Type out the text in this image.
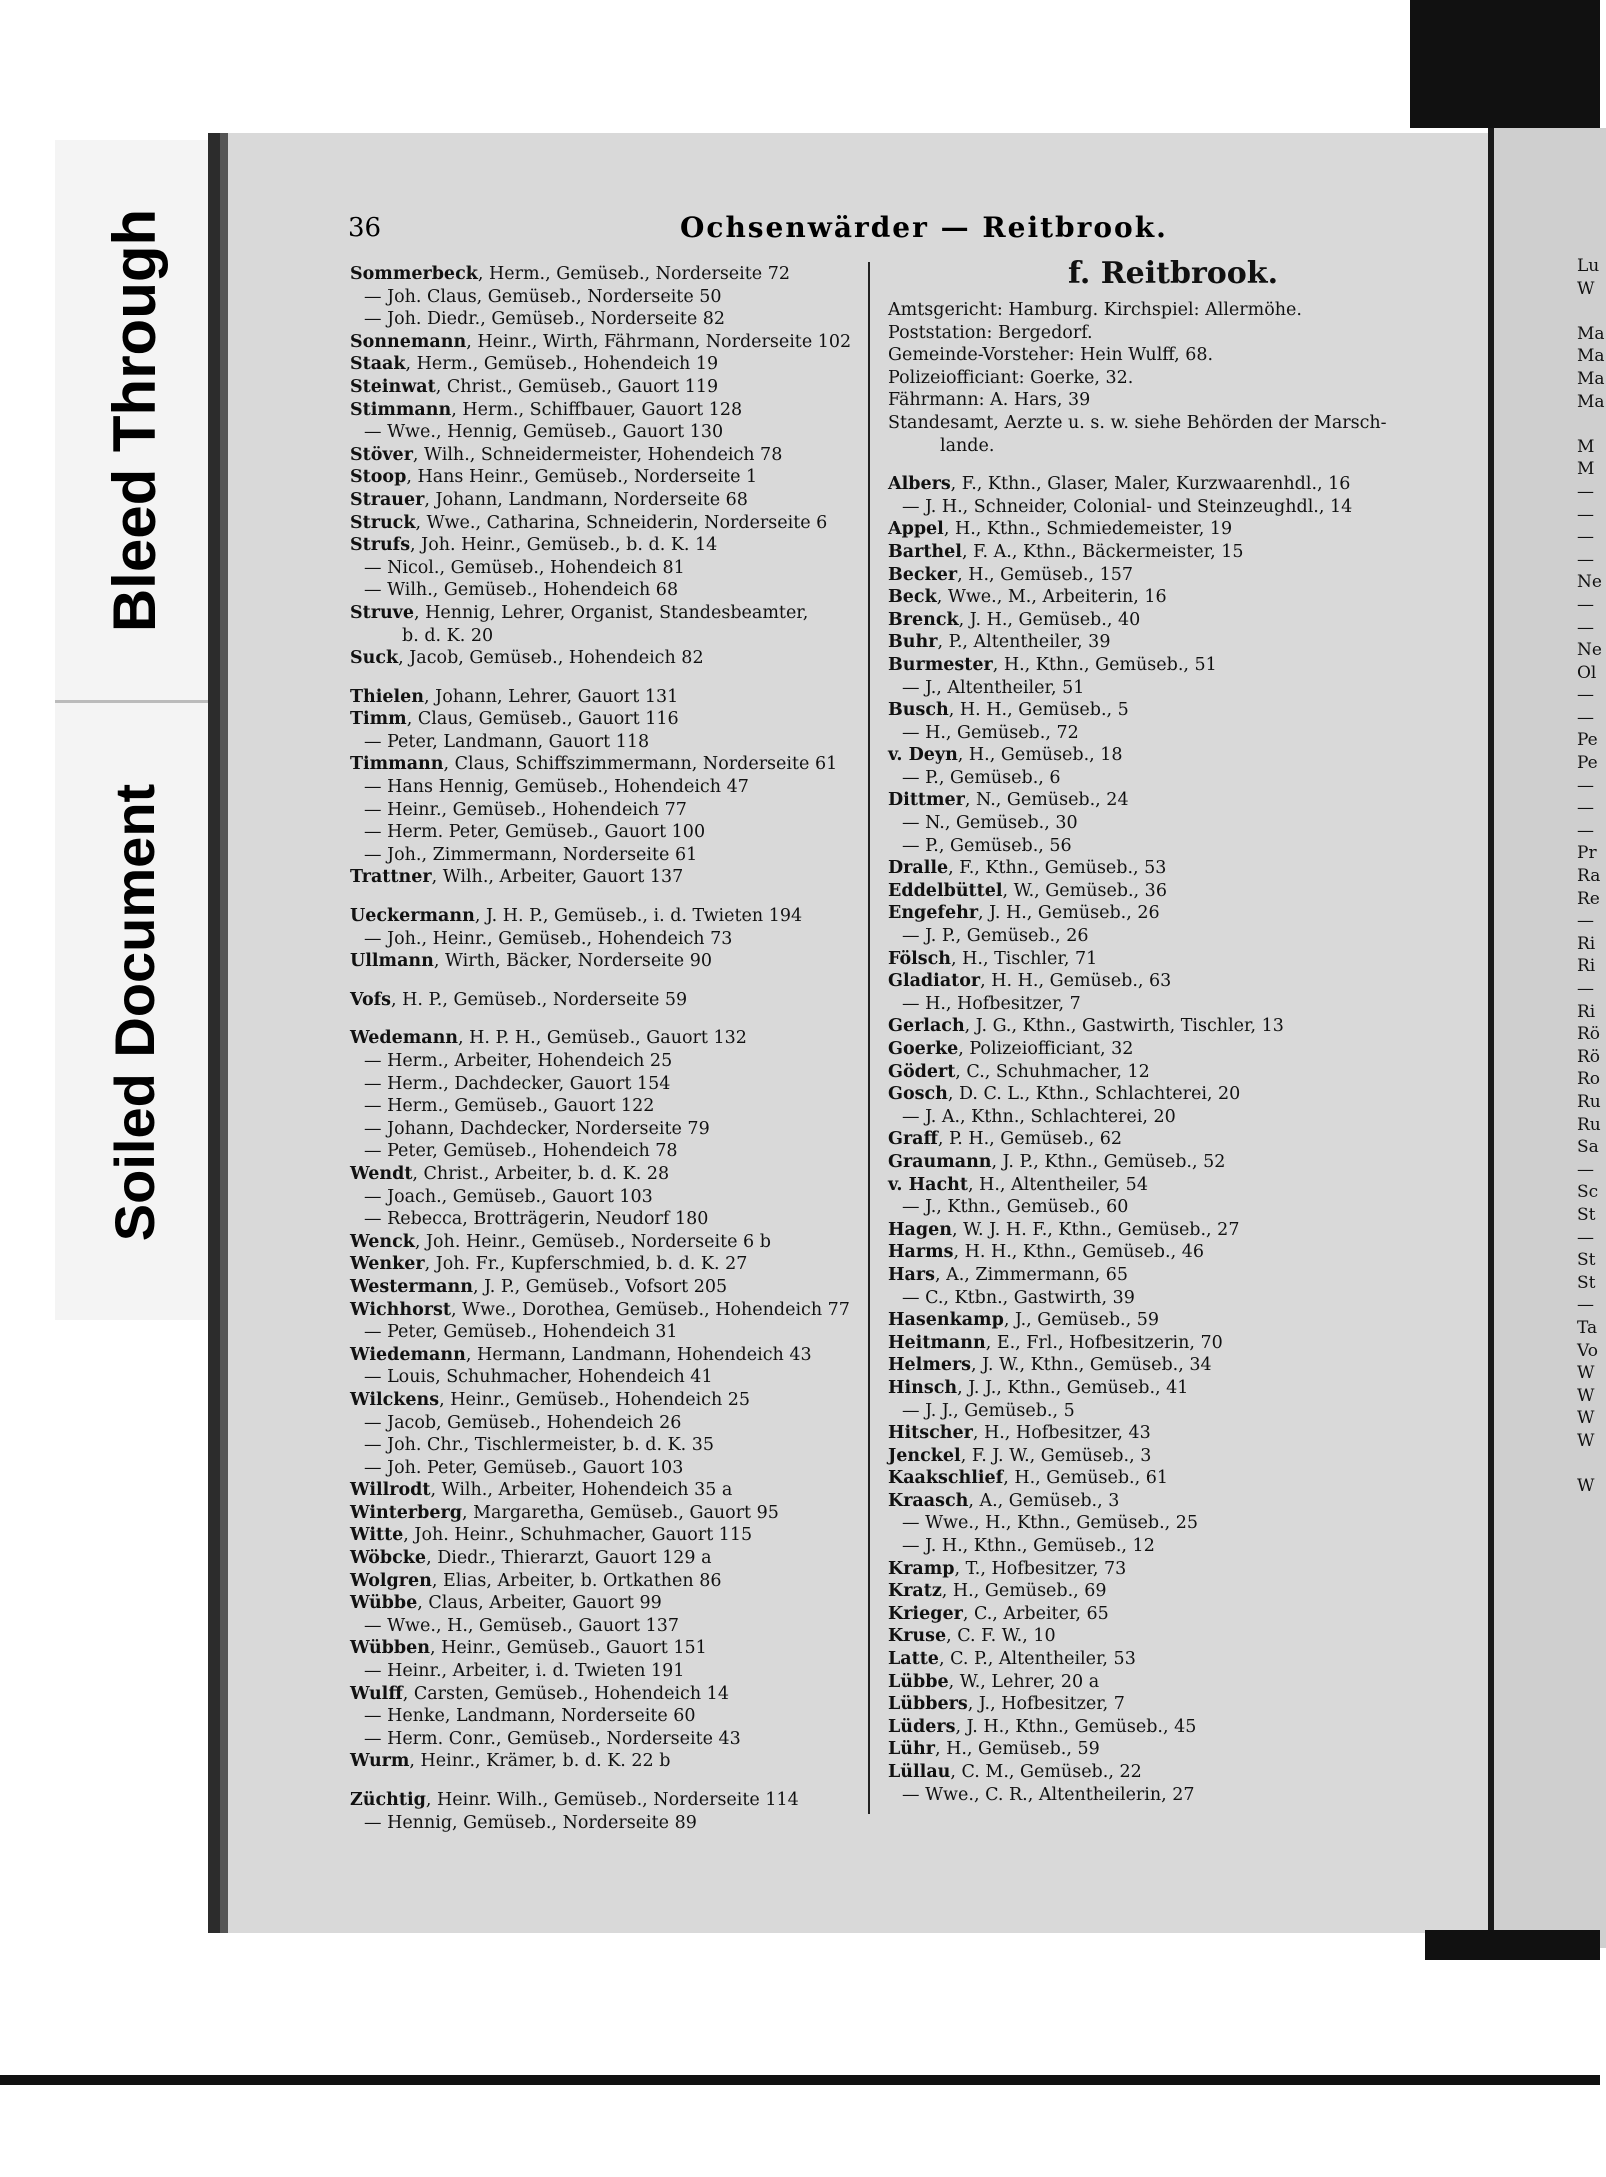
Bleed Through
Soiled Document
36	Ochsenwärder — Reitbrook.
Sommerbeck, Herm., Gemüseb., Norderseite 72
— Joh. Claus, Gemüseb., Norderseite 50
— Joh. Diedr., Gemüseb., Norderseite 82
Sonnemann, Heinr., Wirth, Fährmann, Norderseite 102
Staak, Herm., Gemüseb., Hohendeich 19
Steinwat, Christ., Gemüseb., Gauort 119
Stimmann, Herm., Schiffbauer, Gauort 128
— Wwe., Hennig, Gemüseb., Gauort 130
Stöver, Wilh., Schneidermeister, Hohendeich 78
Stoop, Hans Heinr., Gemüseb., Norderseite 1
Strauer, Johann, Landmann, Norderseite 68
Struck, Wwe., Catharina, Schneiderin, Norderseite 6
Strufs, Joh. Heinr., Gemüseb., b. d. K. 14
— Nicol., Gemüseb., Hohendeich 81
— Wilh., Gemüseb., Hohendeich 68
Struve, Hennig, Lehrer, Organist, Standesbeamter,
b. d. K. 20
Suck, Jacob, Gemüseb., Hohendeich 82
Thielen, Johann, Lehrer, Gauort 131
Timm, Claus, Gemüseb., Gauort 116
— Peter, Landmann, Gauort 118
Timmann, Claus, Schiffszimmermann, Norderseite 61
— Hans Hennig, Gemüseb., Hohendeich 47
— Heinr., Gemüseb., Hohendeich 77
— Herm. Peter, Gemüseb., Gauort 100
— Joh., Zimmermann, Norderseite 61
Trattner, Wilh., Arbeiter, Gauort 137
Ueckermann, J. H. P., Gemüseb., i. d. Twieten 194
— Joh., Heinr., Gemüseb., Hohendeich 73
Ullmann, Wirth, Bäcker, Norderseite 90
Vofs, H. P., Gemüseb., Norderseite 59
Wedemann, H. P. H., Gemüseb., Gauort 132
— Herm., Arbeiter, Hohendeich 25
— Herm., Dachdecker, Gauort 154
— Herm., Gemüseb., Gauort 122
— Johann, Dachdecker, Norderseite 79
— Peter, Gemüseb., Hohendeich 78
Wendt, Christ., Arbeiter, b. d. K. 28
— Joach., Gemüseb., Gauort 103
— Rebecca, Brotträgerin, Neudorf 180
Wenck, Joh. Heinr., Gemüseb., Norderseite 6 b
Wenker, Joh. Fr., Kupferschmied, b. d. K. 27
Westermann, J. P., Gemüseb., Vofsort 205
Wichhorst, Wwe., Dorothea, Gemüseb., Hohendeich 77
— Peter, Gemüseb., Hohendeich 31
Wiedemann, Hermann, Landmann, Hohendeich 43
— Louis, Schuhmacher, Hohendeich 41
Wilckens, Heinr., Gemüseb., Hohendeich 25
— Jacob, Gemüseb., Hohendeich 26
— Joh. Chr., Tischlermeister, b. d. K. 35
— Joh. Peter, Gemüseb., Gauort 103
Willrodt, Wilh., Arbeiter, Hohendeich 35 a
Winterberg, Margaretha, Gemüseb., Gauort 95
Witte, Joh. Heinr., Schuhmacher, Gauort 115
Wöbcke, Diedr., Thierarzt, Gauort 129 a
Wolgren, Elias, Arbeiter, b. Ortkathen 86
Wübbe, Claus, Arbeiter, Gauort 99
— Wwe., H., Gemüseb., Gauort 137
Wübben, Heinr., Gemüseb., Gauort 151
— Heinr., Arbeiter, i. d. Twieten 191
Wulff, Carsten, Gemüseb., Hohendeich 14
— Henke, Landmann, Norderseite 60
— Herm. Conr., Gemüseb., Norderseite 43
Wurm, Heinr., Krämer, b. d. K. 22 b
Züchtig, Heinr. Wilh., Gemüseb., Norderseite 114
— Hennig, Gemüseb., Norderseite 89
f. Reitbrook.
Amtsgericht: Hamburg. Kirchspiel: Allermöhe.
Poststation: Bergedorf.
Gemeinde-Vorsteher: Hein Wulff, 68.
Polizeiofficiant: Goerke, 32.
Fährmann: A. Hars, 39
Standesamt, Aerzte u. s. w. siehe Behörden der Marsch-
lande.
Albers, F., Kthn., Glaser, Maler, Kurzwaarenhdl., 16
— J. H., Schneider, Colonial- und Steinzeughdl., 14
Appel, H., Kthn., Schmiedemeister, 19
Barthel, F. A., Kthn., Bäckermeister, 15
Becker, H., Gemüseb., 157
Beck, Wwe., M., Arbeiterin, 16
Brenck, J. H., Gemüseb., 40
Buhr, P., Altentheiler, 39
Burmester, H., Kthn., Gemüseb., 51
— J., Altentheiler, 51
Busch, H. H., Gemüseb., 5
— H., Gemüseb., 72
v. Deyn, H., Gemüseb., 18
— P., Gemüseb., 6
Dittmer, N., Gemüseb., 24
— N., Gemüseb., 30
— P., Gemüseb., 56
Dralle, F., Kthn., Gemüseb., 53
Eddelbüttel, W., Gemüseb., 36
Engefehr, J. H., Gemüseb., 26
— J. P., Gemüseb., 26
Fölsch, H., Tischler, 71
Gladiator, H. H., Gemüseb., 63
— H., Hofbesitzer, 7
Gerlach, J. G., Kthn., Gastwirth, Tischler, 13
Goerke, Polizeiofficiant, 32
Gödert, C., Schuhmacher, 12
Gosch, D. C. L., Kthn., Schlachterei, 20
— J. A., Kthn., Schlachterei, 20
Graff, P. H., Gemüseb., 62
Graumann, J. P., Kthn., Gemüseb., 52
v. Hacht, H., Altentheiler, 54
— J., Kthn., Gemüseb., 60
Hagen, W. J. H. F., Kthn., Gemüseb., 27
Harms, H. H., Kthn., Gemüseb., 46
Hars, A., Zimmermann, 65
— C., Ktbn., Gastwirth, 39
Hasenkamp, J., Gemüseb., 59
Heitmann, E., Frl., Hofbesitzerin, 70
Helmers, J. W., Kthn., Gemüseb., 34
Hinsch, J. J., Kthn., Gemüseb., 41
— J. J., Gemüseb., 5
Hitscher, H., Hofbesitzer, 43
Jenckel, F. J. W., Gemüseb., 3
Kaakschlief, H., Gemüseb., 61
Kraasch, A., Gemüseb., 3
— Wwe., H., Kthn., Gemüseb., 25
— J. H., Kthn., Gemüseb., 12
Kramp, T., Hofbesitzer, 73
Kratz, H., Gemüseb., 69
Krieger, C., Arbeiter, 65
Kruse, C. F. W., 10
Latte, C. P., Altentheiler, 53
Lübbe, W., Lehrer, 20 a
Lübbers, J., Hofbesitzer, 7
Lüders, J. H., Kthn., Gemüseb., 45
Lühr, H., Gemüseb., 59
Lüllau, C. M., Gemüseb., 22
— Wwe., C. R., Altentheilerin, 27
Lu
W

Ma
Ma
Ma
Ma

M
M
—
—
—
—
Ne
—
—
Ne
Ol
—
—
Pe
Pe
—
—
—
Pr
Ra
Re
—
Ri
Ri
—
Ri
Rö
Rö
Ro
Ru
Ru
Sa
—
Sc
St
—
St
St
—
Ta
Vo
W
W
W
W

W
